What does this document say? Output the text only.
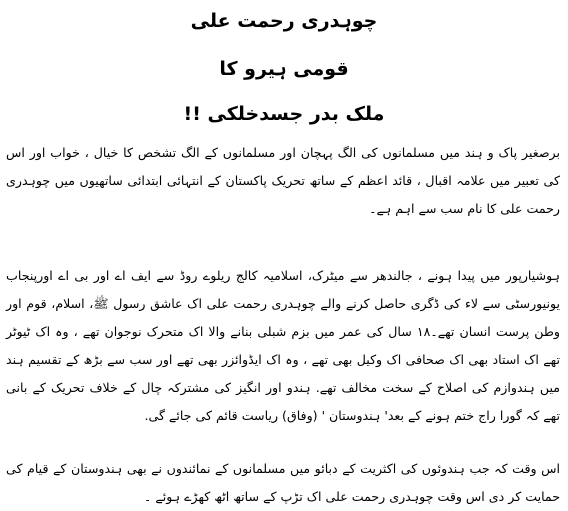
چوہدری رحمت علی
قومی ہیرو کا
ملک بدر جسدخلکی !!

برصغیر پاک و ہند میں مسلمانوں کی الگ پہچان اور مسلمانوں کے الگ تشخص کا خیال ، خواب اور اس کی تعبیر میں علامہ اقبال ، قائد اعظم کے ساتھ تحریک پاکستان کے انتہائی ابتدائی ساتھیوں میں چوہدری رحمت علی کا نام سب سے اہم ہے۔

ہوشیارپور میں پیدا ہونے ، جالندھر سے میٹرک، اسلامیہ کالج ریلوے روڈ سے ایف اے اور بی اے اورپنجاب یونیورسٹی سے لاء کی ڈگری حاصل کرنے والے چوہدری رحمت علی اک عاشق رسول ﷺ، اسلام، قوم اور وطن پرست انسان تھے۔۱۸ سال کی عمر میں بزم شبلی بنانے والا اک متحرک نوجوان تھے ، وہ اک ٹیوٹر تھے اک استاد بھی اک صحافی اک وکیل بھی تھے ، وہ اک ایڈوائزر بھی تھے اور سب سے بڑھ کے تقسیم ہند میں ہندوازم کی اصلاح کے سخت مخالف تھے. ہندو اور انگیز کی مشترکہ چال کے خلاف تحریک کے بانی تھے کہ گورا راج ختم ہونے کے بعد' ہندوستان ' (وفاق) ریاست قائم کی جائے گی.

اس وقت کہ جب ہندوئوں کی اکثریت کے دبائو میں مسلمانوں کے نمائندوں نے بھی ہندوستان کے قیام کی حمایت کر دی اس وقت چوہدری رحمت علی اک تڑپ کے ساتھ اٹھ کھڑے ہوئے ۔
